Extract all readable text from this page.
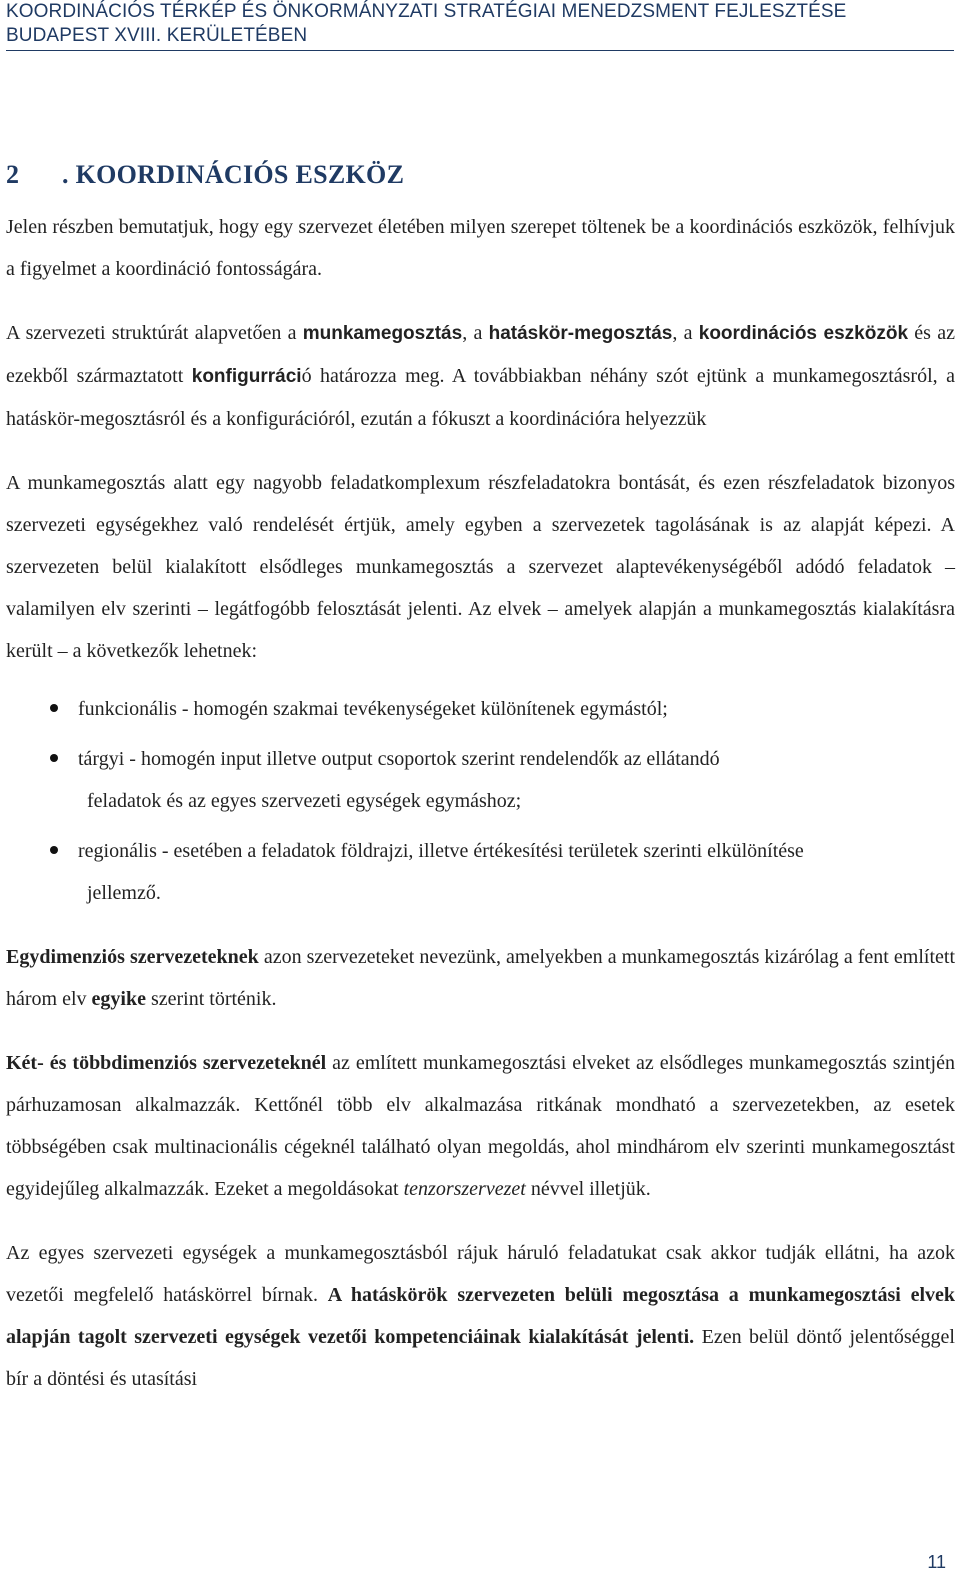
KOORDINÁCIÓS TÉRKÉP ÉS ÖNKORMÁNYZATI STRATÉGIAI MENEDZSMENT FEJLESZTÉSE
BUDAPEST XVIII. KERÜLETÉBEN
2 . KOORDINÁCIÓS ESZKÖZ

Jelen részben bemutatjuk, hogy egy szervezet életében milyen szerepet töltenek be a koordinációs eszközök, felhívjuk a figyelmet a koordináció fontosságára.

A szervezeti struktúrát alapvetően a munkamegosztás, a hatáskör-megosztás, a koordinációs eszközök és az ezekből származtatott konfigurráció határozza meg. A továbbiakban néhány szót ejtünk a munkamegosztásról, a hatáskör-megosztásról és a konfigurációról, ezután a fókuszt a koordinációra helyezzük

A munkamegosztás alatt egy nagyobb feladatkomplexum részfeladatokra bontását, és ezen részfeladatok bizonyos szervezeti egységekhez való rendelését értjük, amely egyben a szervezetek tagolásának is az alapját képezi. A szervezeten belül kialakított elsődleges munkamegosztás a szervezet alaptevékenységéből adódó feladatok – valamilyen elv szerinti – legátfogóbb felosztását jelenti. Az elvek – amelyek alapján a munkamegosztás kialakításra került – a következők lehetnek:

funkcionális - homogén szakmai tevékenységeket különítenek egymástól;
tárgyi - homogén input illetve output csoportok szerint rendelendők az ellátandó
feladatok és az egyes szervezeti egységek egymáshoz;
regionális - esetében a feladatok földrajzi, illetve értékesítési területek szerinti elkülönítése
jellemző.

Egydimenziós szervezeteknek azon szervezeteket nevezünk, amelyekben a munkamegosztás kizárólag a fent említett három elv egyike szerint történik.

Két- és többdimenziós szervezeteknél az említett munkamegosztási elveket az elsődleges munkamegosztás szintjén párhuzamosan alkalmazzák. Kettőnél több elv alkalmazása ritkának mondható a szervezetekben, az esetek többségében csak multinacionális cégeknél található olyan megoldás, ahol mindhárom elv szerinti munkamegosztást egyidejűleg alkalmazzák. Ezeket a megoldásokat tenzorszervezet névvel illetjük.

Az egyes szervezeti egységek a munkamegosztásból rájuk háruló feladatukat csak akkor tudják ellátni, ha azok vezetői megfelelő hatáskörrel bírnak. A hatáskörök szervezeten belüli megosztása a munkamegosztási elvek alapján tagolt szervezeti egységek vezetői kompetenciáinak kialakítását jelenti. Ezen belül döntő jelentőséggel bír a döntési és utasítási

11
